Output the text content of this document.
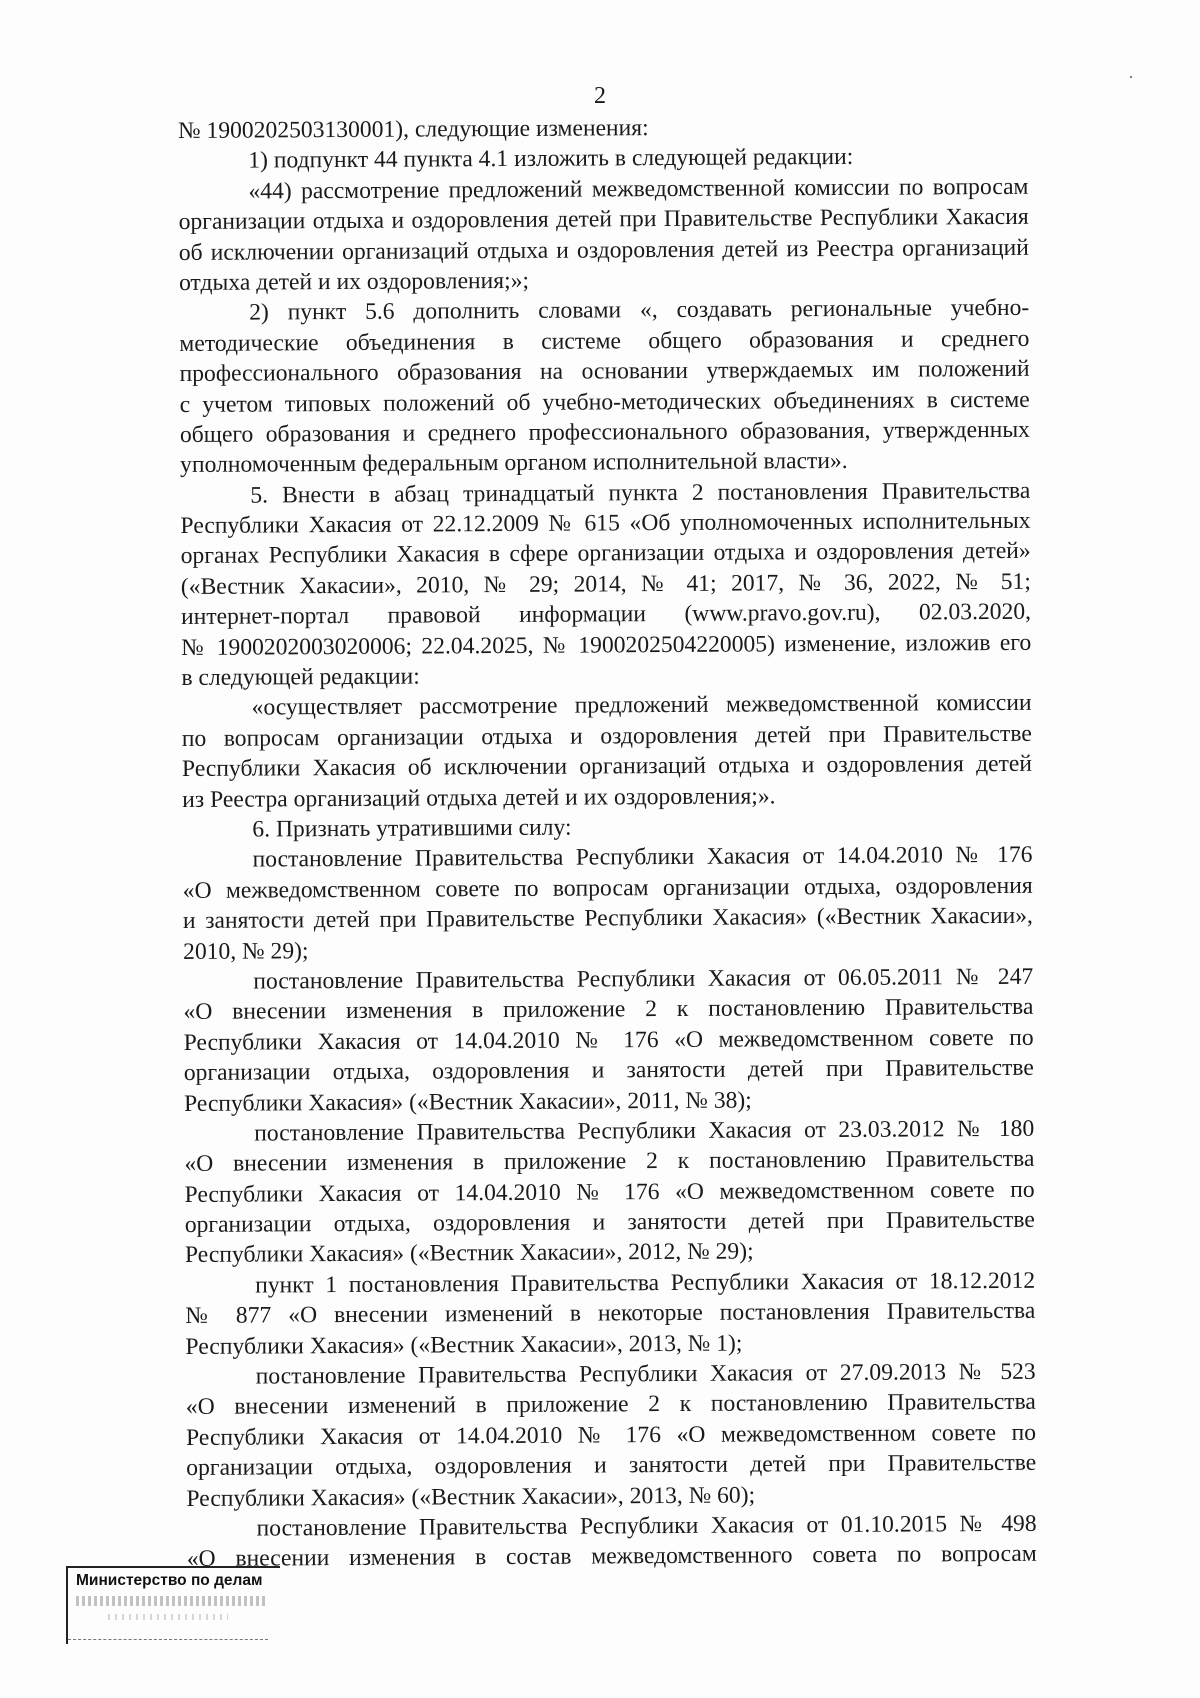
2
№ 1900202503130001), следующие изменения:
1) подпункт 44 пункта 4.1 изложить в следующей редакции:
«44) рассмотрение предложений межведомственной комиссии по вопросам
организации отдыха и оздоровления детей при Правительстве Республики Хакасия
об исключении организаций отдыха и оздоровления детей из Реестра организаций
отдыха детей и их оздоровления;»;
2) пункт 5.6 дополнить словами «, создавать региональные учебно-
методические объединения в системе общего образования и среднего
профессионального образования на основании утверждаемых им положений
с учетом типовых положений об учебно-методических объединениях в системе
общего образования и среднего профессионального образования, утвержденных
уполномоченным федеральным органом исполнительной власти».
5. Внести в абзац тринадцатый пункта 2 постановления Правительства
Республики Хакасия от 22.12.2009 № 615 «Об уполномоченных исполнительных
органах Республики Хакасия в сфере организации отдыха и оздоровления детей»
(«Вестник Хакасии», 2010, № 29; 2014, № 41; 2017, № 36, 2022, № 51;
интернет-портал правовой информации (www.pravo.gov.ru), 02.03.2020,
№ 1900202003020006; 22.04.2025, № 1900202504220005) изменение, изложив его
в следующей редакции:
«осуществляет рассмотрение предложений межведомственной комиссии
по вопросам организации отдыха и оздоровления детей при Правительстве
Республики Хакасия об исключении организаций отдыха и оздоровления детей
из Реестра организаций отдыха детей и их оздоровления;».
6. Признать утратившими силу:
постановление Правительства Республики Хакасия от 14.04.2010 № 176
«О межведомственном совете по вопросам организации отдыха, оздоровления
и занятости детей при Правительстве Республики Хакасия» («Вестник Хакасии»,
2010, № 29);
постановление Правительства Республики Хакасия от 06.05.2011 № 247
«О внесении изменения в приложение 2 к постановлению Правительства
Республики Хакасия от 14.04.2010 № 176 «О межведомственном совете по
организации отдыха, оздоровления и занятости детей при Правительстве
Республики Хакасия» («Вестник Хакасии», 2011, № 38);
постановление Правительства Республики Хакасия от 23.03.2012 № 180
«О внесении изменения в приложение 2 к постановлению Правительства
Республики Хакасия от 14.04.2010 № 176 «О межведомственном совете по
организации отдыха, оздоровления и занятости детей при Правительстве
Республики Хакасия» («Вестник Хакасии», 2012, № 29);
пункт 1 постановления Правительства Республики Хакасия от 18.12.2012
№ 877 «О внесении изменений в некоторые постановления Правительства
Республики Хакасия» («Вестник Хакасии», 2013, № 1);
постановление Правительства Республики Хакасия от 27.09.2013 № 523
«О внесении изменений в приложение 2 к постановлению Правительства
Республики Хакасия от 14.04.2010 № 176 «О межведомственном совете по
организации отдыха, оздоровления и занятости детей при Правительстве
Республики Хакасия» («Вестник Хакасии», 2013, № 60);
постановление Правительства Республики Хакасия от 01.10.2015 № 498
«О внесении изменения в состав межведомственного совета по вопросам
Министерство по делам
